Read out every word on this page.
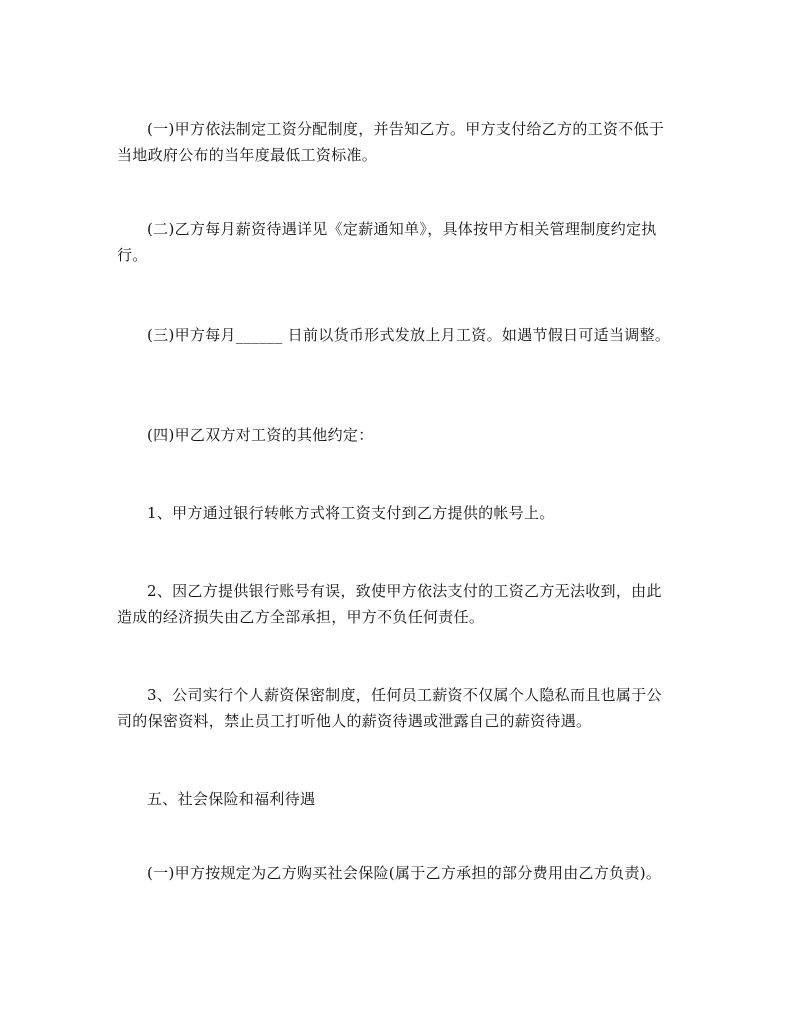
(一)甲方依法制定工资分配制度，并告知乙方。甲方支付给乙方的工资不低于当地政府公布的当年度最低工资标准。

(二)乙方每月薪资待遇详见《定薪通知单》，具体按甲方相关管理制度约定执行。

(三)甲方每月______ 日前以货币形式发放上月工资。如遇节假日可适当调整。

(四)甲乙双方对工资的其他约定：

1、甲方通过银行转帐方式将工资支付到乙方提供的帐号上。

2、因乙方提供银行账号有误，致使甲方依法支付的工资乙方无法收到，由此造成的经济损失由乙方全部承担，甲方不负任何责任。

3、公司实行个人薪资保密制度，任何员工薪资不仅属个人隐私而且也属于公司的保密资料，禁止员工打听他人的薪资待遇或泄露自己的薪资待遇。

五、社会保险和福利待遇

(一)甲方按规定为乙方购买社会保险(属于乙方承担的部分费用由乙方负责)。
